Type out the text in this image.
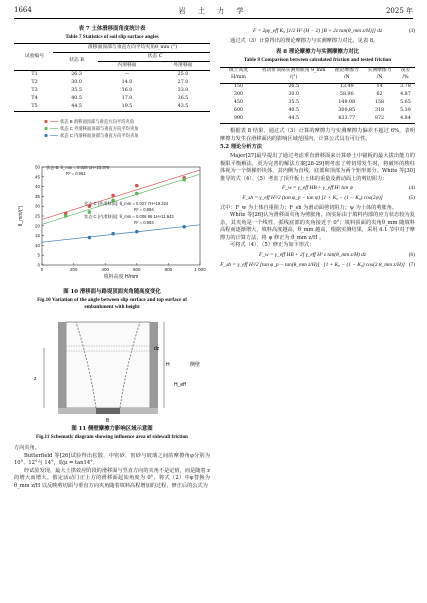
1664	岩 土 力 学	2025 年
表 7 土体滑移面角度统计表
Table 7 Statistics of soil slip surface angles
试验编号	滑移面顶部与垂直方向平均夹角θ_mm (°)		
	状态 B	状态 C	
		内滑移面	外滑移面
T1	26.3	—	25.0
T2	30.0	14.0	27.0
T3	35.5	16.0	33.0
T4	40.5	17.0	36.5
T5	44.5	19.5	43.5
状态 B 滑移面顶部与垂直方向平均夹角
状态 C 外滑移面顶部与垂直方向平均夹角
状态 C 内滑移面顶部与垂直方向平均夹角
0
5
10
15
20
25
30
35
40
45
50
0	200	400	600	800	1 000
填料高度 H/mm
θ_mm/(°)
状态 B: θ_mm = 0.025 1H+23.378
R² = 0.961
状态 C (外滑移面): θ_mm = 0.027 7H+19.324
R² = 0.994
状态 C (内滑移面): θ_mm = 0.008 86 1H+11.643
R² = 0.983
图 10 滑移面与路堤顶面夹角随高度变化
Fig.10 Variation of the angle between slip surface and top surface of embankment with height
dz
H
z
H_eff
B
侧壁
图 11 侧壁摩擦力影响区域示意图
Fig.11 Schematic diagram showing influence area of sidewall friction

方向夹角。

Butterfield 等[26]试验得出松散、中密砂、密砂与玻璃之间的摩擦角φ分别为 10°、12°与 14°，取μ = tan14°。

经试验发现，最大土拱效应阶段的滑移面与竖直方向的夹角不是定值，而是随着 z 的增大而增大。假定活动门正上方的滑移面起始角度为 0°，将式（2）中φ替换为 θ_mm z/H 以反映剪切面与垂直方向夹角随着填料高程增加的过程，修正后的公式为

F = 2μγ_eff K₀ [1/2 H² (H − 2) [B + 2z tan(θ_mm z/H)]] dz	(3)

通过式（3）计算得出的理论摩擦力与实测摩擦力对比，见表 8。

表 8 理论摩擦力与实测摩擦力对比
Table 8 Comparison between calculated friction and tested friction
填土高度 H/mm	剪切带顶部实测剪胀角 θ_mm /(°)	理论摩擦力 /N	实测摩擦力 /N	误差 /%
150	26.5	13.49	14	3.78
300	30.0	58.90	62	4.87
450	35.5	149.08	158	5.65
600	40.5	300.85	318	5.39
900	44.5	833.77	872	4.84

根据表 8 结果，通过式（3）计算的摩擦力与实测摩擦力偏差不超过 6%，表明摩擦力发生在滑移面内的影响区域范围内，计算公式具有可行性。

5.2 理论分析方法

Majer[27]最早提出了通过考虑垂直滑移面来计算砂土中锚板的最大拔出能力的极限平衡解法，更为完善的解法方案[28-29]则考虑了剪切带发生时，将破坏的梭柱体视为一个倒梯形块体，其内侧为直线，底部和顶部为两个矩形部分。White 等[30]推导的式（4）、（5）考虑了顶升板上土体的重量及滑动面上的剪切阻力：

F_w = γ_eff HB + γ_eff H² tan ψ	(4)
F_sh = γ_eff H²/2 (tan φ_p − tan ψ) [1 + K₀ − (1 − K₀) cos(2ψ)]	(5)

式中：F_w 为土体自重阻力；F_sh 为滑动面剪切阻力；ψ 为土体的剪胀角。

White 等[26]认为滑移面夹角为剪胀角，而实际由于填料内部的应力状态较为复杂，其夹角是一个线性、弧线底部的夹角接近于 0°；填料顶面的夹角θ_mm 随填料高程而逐渐增大，填料高度越高，θ_mm 越高，根据实测结果，采用 4.1 节中对于摩擦力的计算方法，将 ψ 修正为 θ_mm z/H 。

可将式（4）、（5）修正为如下形式：

F_w = γ_eff HB + 2∫ γ_eff H² z tan(θ_mm z/H) dz	(6)
F_sh = γ_eff H²/2 [tan φ_p − tan(θ_mm z/H)] · [1 + K₀ − (1 − K₀) cos(2 θ_mm z/H)] (7)
